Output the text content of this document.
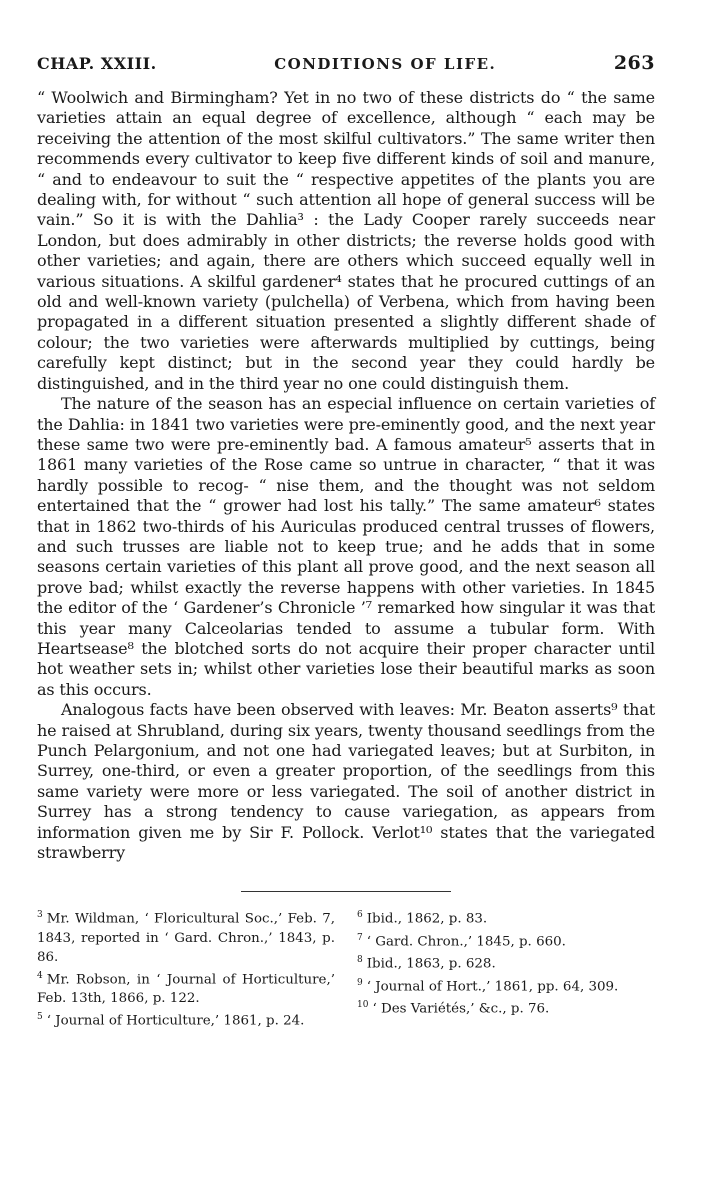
CHAP. XXIII.	CONDITIONS OF LIFE.	263

“ Woolwich and Birmingham? Yet in no two of these districts do “ the same varieties attain an equal degree of excellence, although “ each may be receiving the attention of the most skilful cultivators.” The same writer then recommends every cultivator to keep five different kinds of soil and manure, “ and to endeavour to suit the “ respective appetites of the plants you are dealing with, for without “ such attention all hope of general success will be vain.” So it is with the Dahlia³ : the Lady Cooper rarely succeeds near London, but does admirably in other districts; the reverse holds good with other varieties; and again, there are others which succeed equally well in various situations. A skilful gardener⁴ states that he procured cuttings of an old and well-known variety (pulchella) of Verbena, which from having been propagated in a different situation presented a slightly different shade of colour; the two varieties were afterwards multiplied by cuttings, being carefully kept distinct; but in the second year they could hardly be distinguished, and in the third year no one could distinguish them.

The nature of the season has an especial influence on certain varieties of the Dahlia: in 1841 two varieties were pre-eminently good, and the next year these same two were pre-eminently bad. A famous amateur⁵ asserts that in 1861 many varieties of the Rose came so untrue in character, “ that it was hardly possible to recog- “ nise them, and the thought was not seldom entertained that the “ grower had lost his tally.” The same amateur⁶ states that in 1862 two-thirds of his Auriculas produced central trusses of flowers, and such trusses are liable not to keep true; and he adds that in some seasons certain varieties of this plant all prove good, and the next season all prove bad; whilst exactly the reverse happens with other varieties. In 1845 the editor of the ‘ Gardener’s Chronicle ’⁷ remarked how singular it was that this year many Calceolarias tended to assume a tubular form. With Heartsease⁸ the blotched sorts do not acquire their proper character until hot weather sets in; whilst other varieties lose their beautiful marks as soon as this occurs.

Analogous facts have been observed with leaves: Mr. Beaton asserts⁹ that he raised at Shrubland, during six years, twenty thousand seedlings from the Punch Pelargonium, and not one had variegated leaves; but at Surbiton, in Surrey, one-third, or even a greater proportion, of the seedlings from this same variety were more or less variegated. The soil of another district in Surrey has a strong tendency to cause variegation, as appears from information given me by Sir F. Pollock. Verlot¹⁰ states that the variegated strawberry

$^3$ Mr. Wildman, ‘ Floricultural Soc.,’ Feb. 7, 1843, reported in ‘ Gard. Chron.,’ 1843, p. 86.

$^4$ Mr. Robson, in ‘ Journal of Horticulture,’ Feb. 13th, 1866, p. 122.

$^5$ ‘ Journal of Horticulture,’ 1861, p. 24.

$^6$ Ibid., 1862, p. 83.

$^7$ ‘ Gard. Chron.,’ 1845, p. 660.

$^8$ Ibid., 1863, p. 628.

$^9$ ‘ Journal of Hort.,’ 1861, pp. 64, 309.

$^{10}$ ‘ Des Variétés,’ &c., p. 76.
